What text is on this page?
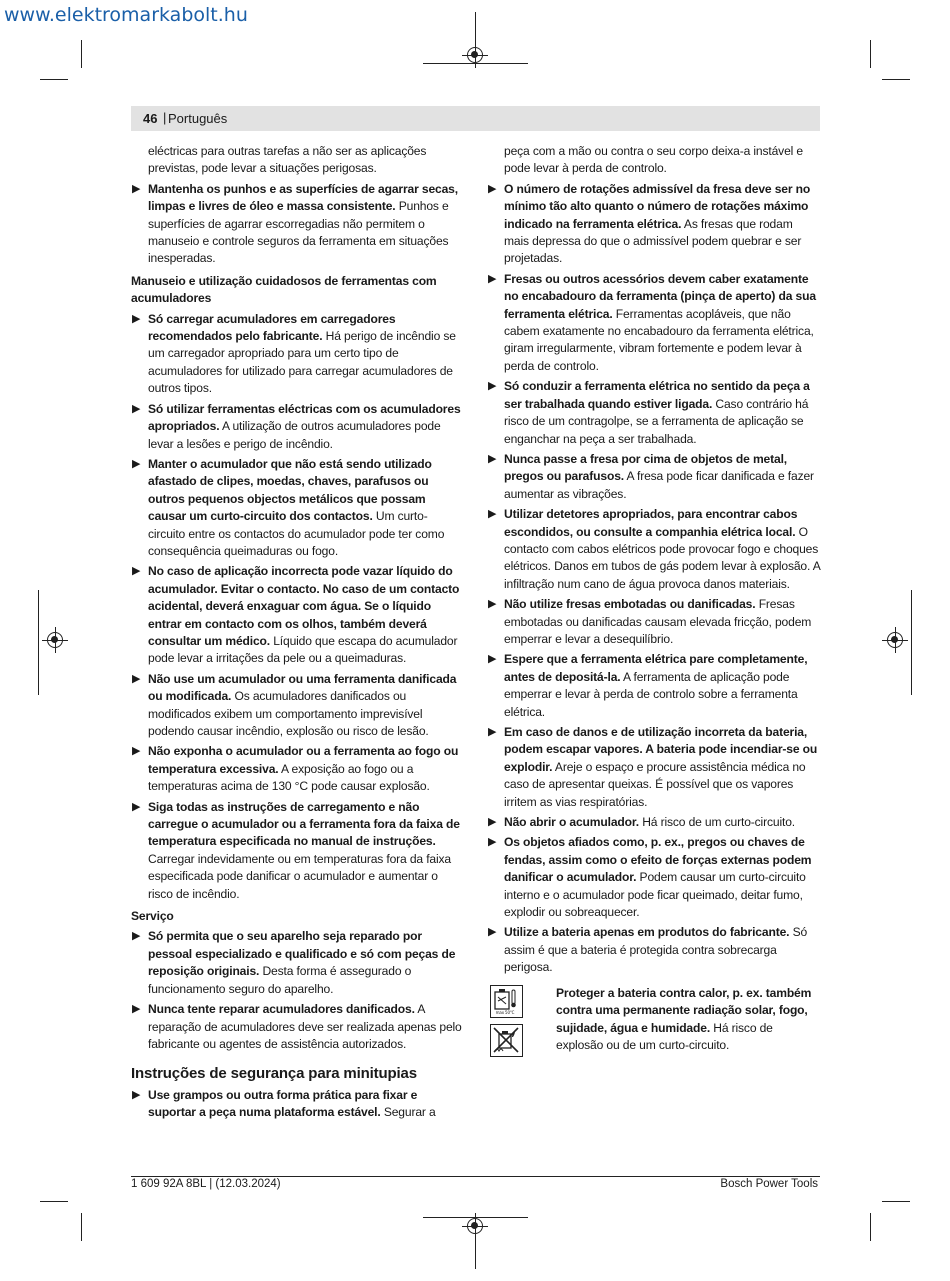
www.elektromarkabolt.hu
46 | Português

eléctricas para outras tarefas a não ser as aplicações previstas, pode levar a situações perigosas.

▶ Mantenha os punhos e as superfícies de agarrar secas, limpas e livres de óleo e massa consistente. Punhos e superfícies de agarrar escorregadias não permitem o manuseio e controle seguros da ferramenta em situações inesperadas.
Manuseio e utilização cuidadosos de ferramentas com acumuladores
▶ Só carregar acumuladores em carregadores recomendados pelo fabricante. Há perigo de incêndio se um carregador apropriado para um certo tipo de acumuladores for utilizado para carregar acumuladores de outros tipos.
▶ Só utilizar ferramentas eléctricas com os acumuladores apropriados. A utilização de outros acumuladores pode levar a lesões e perigo de incêndio.
▶ Manter o acumulador que não está sendo utilizado afastado de clipes, moedas, chaves, parafusos ou outros pequenos objectos metálicos que possam causar um curto-circuito dos contactos. Um curto-circuito entre os contactos do acumulador pode ter como consequência queimaduras ou fogo.
▶ No caso de aplicação incorrecta pode vazar líquido do acumulador. Evitar o contacto. No caso de um contacto acidental, deverá enxaguar com água. Se o líquido entrar em contacto com os olhos, também deverá consultar um médico. Líquido que escapa do acumulador pode levar a irritações da pele ou a queimaduras.
▶ Não use um acumulador ou uma ferramenta danificada ou modificada. Os acumuladores danificados ou modificados exibem um comportamento imprevisível podendo causar incêndio, explosão ou risco de lesão.
▶ Não exponha o acumulador ou a ferramenta ao fogo ou temperatura excessiva. A exposição ao fogo ou a temperaturas acima de 130 °C pode causar explosão.
▶ Siga todas as instruções de carregamento e não carregue o acumulador ou a ferramenta fora da faixa de temperatura especificada no manual de instruções. Carregar indevidamente ou em temperaturas fora da faixa especificada pode danificar o acumulador e aumentar o risco de incêndio.
Serviço
▶ Só permita que o seu aparelho seja reparado por pessoal especializado e qualificado e só com peças de reposição originais. Desta forma é assegurado o funcionamento seguro do aparelho.
▶ Nunca tente reparar acumuladores danificados. A reparação de acumuladores deve ser realizada apenas pelo fabricante ou agentes de assistência autorizados.
Instruções de segurança para minitupias
▶ Use grampos ou outra forma prática para fixar e suportar a peça numa plataforma estável. Segurar a

peça com a mão ou contra o seu corpo deixa-a instável e pode levar à perda de controlo.

▶ O número de rotações admissível da fresa deve ser no mínimo tão alto quanto o número de rotações máximo indicado na ferramenta elétrica. As fresas que rodam mais depressa do que o admissível podem quebrar e ser projetadas.
▶ Fresas ou outros acessórios devem caber exatamente no encabadouro da ferramenta (pinça de aperto) da sua ferramenta elétrica. Ferramentas acopláveis, que não cabem exatamente no encabadouro da ferramenta elétrica, giram irregularmente, vibram fortemente e podem levar à perda de controlo.
▶ Só conduzir a ferramenta elétrica no sentido da peça a ser trabalhada quando estiver ligada. Caso contrário há risco de um contragolpe, se a ferramenta de aplicação se enganchar na peça a ser trabalhada.
▶ Nunca passe a fresa por cima de objetos de metal, pregos ou parafusos. A fresa pode ficar danificada e fazer aumentar as vibrações.
▶ Utilizar detetores apropriados, para encontrar cabos escondidos, ou consulte a companhia elétrica local. O contacto com cabos elétricos pode provocar fogo e choques elétricos. Danos em tubos de gás podem levar à explosão. A infiltração num cano de água provoca danos materiais.
▶ Não utilize fresas embotadas ou danificadas. Fresas embotadas ou danificadas causam elevada fricção, podem emperrar e levar a desequilíbrio.
▶ Espere que a ferramenta elétrica pare completamente, antes de depositá-la. A ferramenta de aplicação pode emperrar e levar à perda de controlo sobre a ferramenta elétrica.
▶ Em caso de danos e de utilização incorreta da bateria, podem escapar vapores. A bateria pode incendiar-se ou explodir. Areje o espaço e procure assistência médica no caso de apresentar queixas. É possível que os vapores irritem as vias respiratórias.
▶ Não abrir o acumulador. Há risco de um curto-circuito.
▶ Os objetos afiados como, p. ex., pregos ou chaves de fendas, assim como o efeito de forças externas podem danificar o acumulador. Podem causar um curto-circuito interno e o acumulador pode ficar queimado, deitar fumo, explodir ou sobreaquecer.
▶ Utilize a bateria apenas em produtos do fabricante. Só assim é que a bateria é protegida contra sobrecarga perigosa.
max 50°C
Proteger a bateria contra calor, p. ex. também contra uma permanente radiação solar, fogo, sujidade, água e humidade. Há risco de explosão ou de um curto-circuito.
1 609 92A 8BL | (12.03.2024)	Bosch Power Tools
